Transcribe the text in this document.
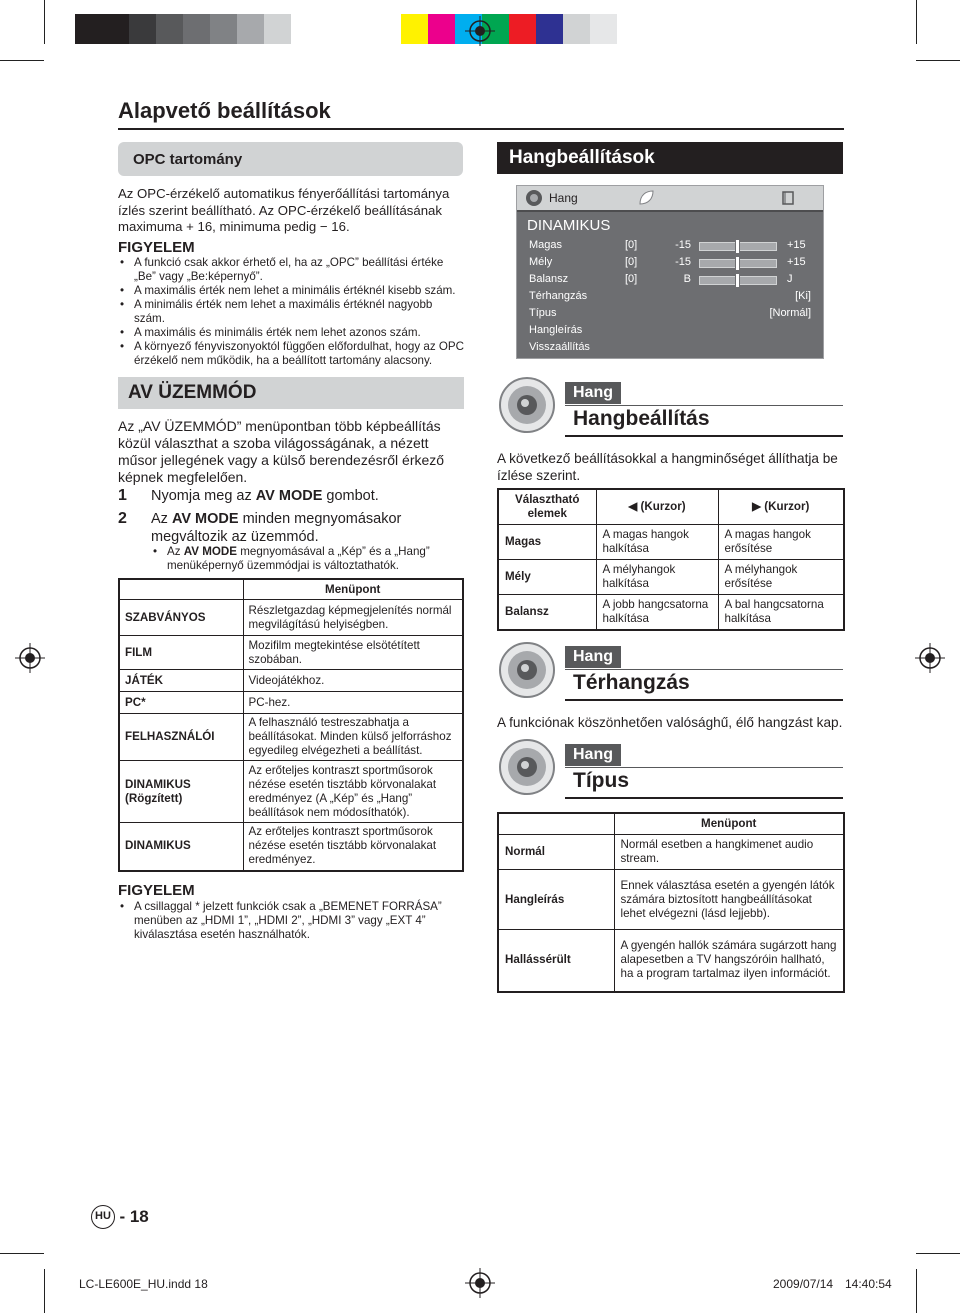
Alapvető beállítások
OPC tartomány
Az OPC-érzékelő automatikus fényerőállítási tartománya ízlés szerint beállítható. Az OPC-érzékelő beállításának maximuma + 16, minimuma pedig − 16.
FIGYELEM
• A funkció csak akkor érhető el, ha az „OPC” beállítási értéke „Be” vagy „Be:képernyő”.
• A maximális érték nem lehet a minimális értéknél kisebb szám.
• A minimális érték nem lehet a maximális értéknél nagyobb szám.
• A maximális és minimális érték nem lehet azonos szám.
• A környező fényviszonyoktól függően előfordulhat, hogy az OPC érzékelő nem működik, ha a beállított tartomány alacsony.
AV ÜZEMMÓD
Az „AV ÜZEMMÓD” menüpontban több képbeállítás közül választhat a szoba világosságának, a nézett műsor jellegének vagy a külső berendezésről érkező képnek megfelelően.
1	Nyomja meg az AV MODE gombot.
2	Az AV MODE minden megnyomásakor megváltozik az üzemmód.
• Az AV MODE megnyomásával a „Kép” és a „Hang” menüképernyő üzemmódjai is változtathatók.
	Menüpont
SZABVÁNYOS	Részletgazdag képmegjelenítés normál megvilágítású helyiségben.
FILM	Mozifilm megtekintése elsötétített szobában.
JÁTÉK	Videojátékhoz.
PC*	PC-hez.
FELHASZNÁLÓI	A felhasználó testreszabhatja a beállításokat. Minden külső jelforráshoz egyedileg elvégezheti a beállítást.
DINAMIKUS (Rögzített)	Az erőteljes kontraszt sportműsorok nézése esetén tisztább körvonalakat eredményez (A „Kép” és „Hang” beállítások nem módosíthatók).
DINAMIKUS	Az erőteljes kontraszt sportműsorok nézése esetén tisztább körvonalakat eredményez.
FIGYELEM
• A csillaggal * jelzett funkciók csak a „BEMENET FORRÁSA” menüben az „HDMI 1”, „HDMI 2”, „HDMI 3” vagy „EXT 4” kiválasztása esetén használhatók.
Hangbeállítások
Hang
DINAMIKUS
Magas	[0]	-15	+15
Mély	[0]	-15	+15
Balansz	[0]	B	J
Térhangzás	[Ki]
Típus	[Normál]
Hangleírás
Visszaállítás
Hang
Hangbeállítás
A következő beállításokkal a hangminőséget állíthatja be ízlése szerint.
Választható elemek	◀ (Kurzor)	▶ (Kurzor)
Magas	A magas hangok halkítása	A magas hangok erősítése
Mély	A mélyhangok halkítása	A mélyhangok erősítése
Balansz	A jobb hangcsatorna halkítása	A bal hangcsatorna halkítása
Hang
Térhangzás
A funkciónak köszönhetően valósághű, élő hangzást kap.
Hang
Típus
	Menüpont
Normál	Normál esetben a hangkimenet audio stream.
Hangleírás	Ennek választása esetén a gyengén látók számára biztosított hangbeállításokat lehet elvégezni (lásd lejjebb).
Hallássérült	A gyengén hallók számára sugárzott hang alapesetben a TV hangszóróin hallható, ha a program tartalmaz ilyen információt.
HU - 18
LC-LE600E_HU.indd 18	2009/07/14 14:40:54
